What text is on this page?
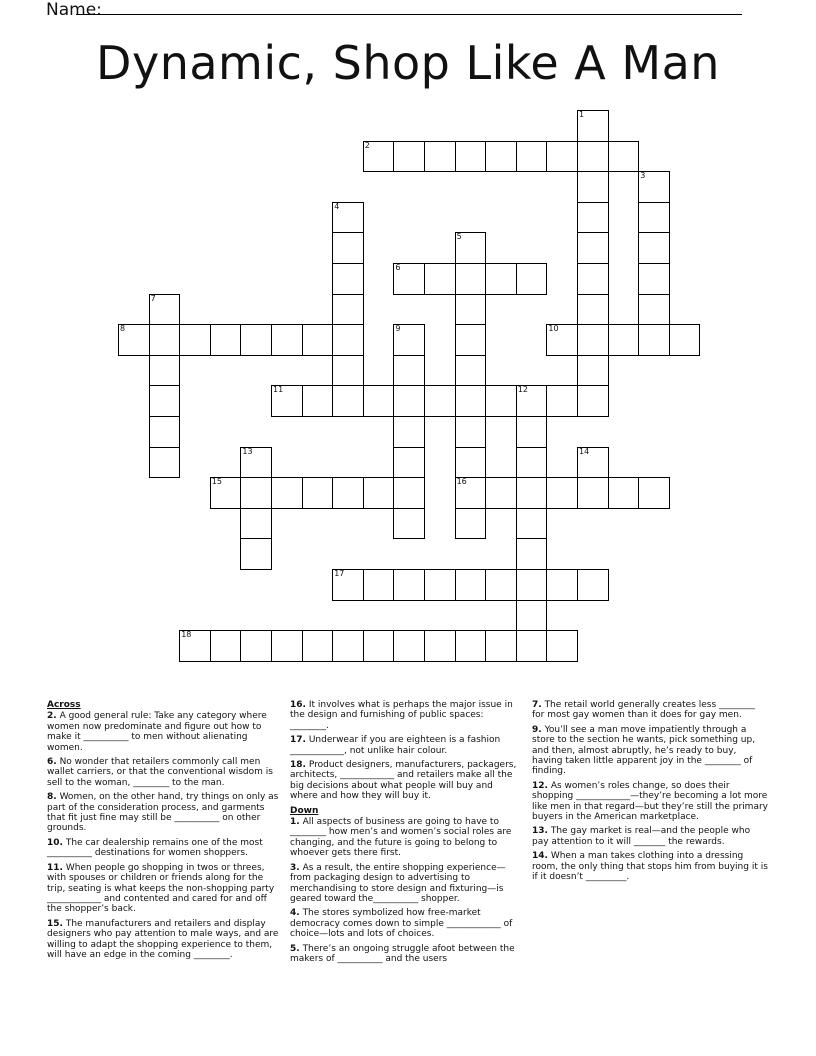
Name:
Dynamic, Shop Like A Man
1
2
3
4
5
16
6
7
8	9	10
11	12
13	14
15
17
18
Across
2. A good general rule: Take any category where women now predominate and figure out how to make it __________ to men without alienating women.
6. No wonder that retailers commonly call men wallet carriers, or that the conventional wisdom is sell to the woman, ________ to the man.
8. Women, on the other hand, try things on only as part of the consideration process, and garments that fit just fine may still be __________ on other grounds.
10. The car dealership remains one of the most __________ destinations for women shoppers.
11. When people go shopping in twos or threes, with spouses or children or friends along for the trip, seating is what keeps the non-shopping party ____________ and contented and cared for and off the shopper’s back.
15. The manufacturers and retailers and display designers who pay attention to male ways, and are willing to adapt the shopping experience to them, will have an edge in the coming ________.
16. It involves what is perhaps the major issue in the design and furnishing of public spaces: ________.
17. Underwear if you are eighteen is a fashion ____________, not unlike hair colour.
18. Product designers, manufacturers, packagers, architects, ____________ and retailers make all the big decisions about what people will buy and where and how they will buy it.
Down
1. All aspects of business are going to have to ________ how men’s and women’s social roles are changing, and the future is going to belong to whoever gets there first.
3. As a result, the entire shopping experience—from packaging design to advertising to merchandising to store design and fixturing—is geared toward the__________ shopper.
4. The stores symbolized how free-market democracy comes down to simple ____________ of choice—lots and lots of choices.
5. There’s an ongoing struggle afoot between the makers of __________ and the users
7. The retail world generally creates less ________ for most gay women than it does for gay men.
9. You’ll see a man move impatiently through a store to the section he wants, pick something up, and then, almost abruptly, he’s ready to buy, having taken little apparent joy in the ________ of finding.
12. As women’s roles change, so does their shopping ____________—they’re becoming a lot more like men in that regard—but they’re still the primary buyers in the American marketplace.
13. The gay market is real—and the people who pay attention to it will _______ the rewards.
14. When a man takes clothing into a dressing room, the only thing that stops him from buying it is if it doesn’t _________.
